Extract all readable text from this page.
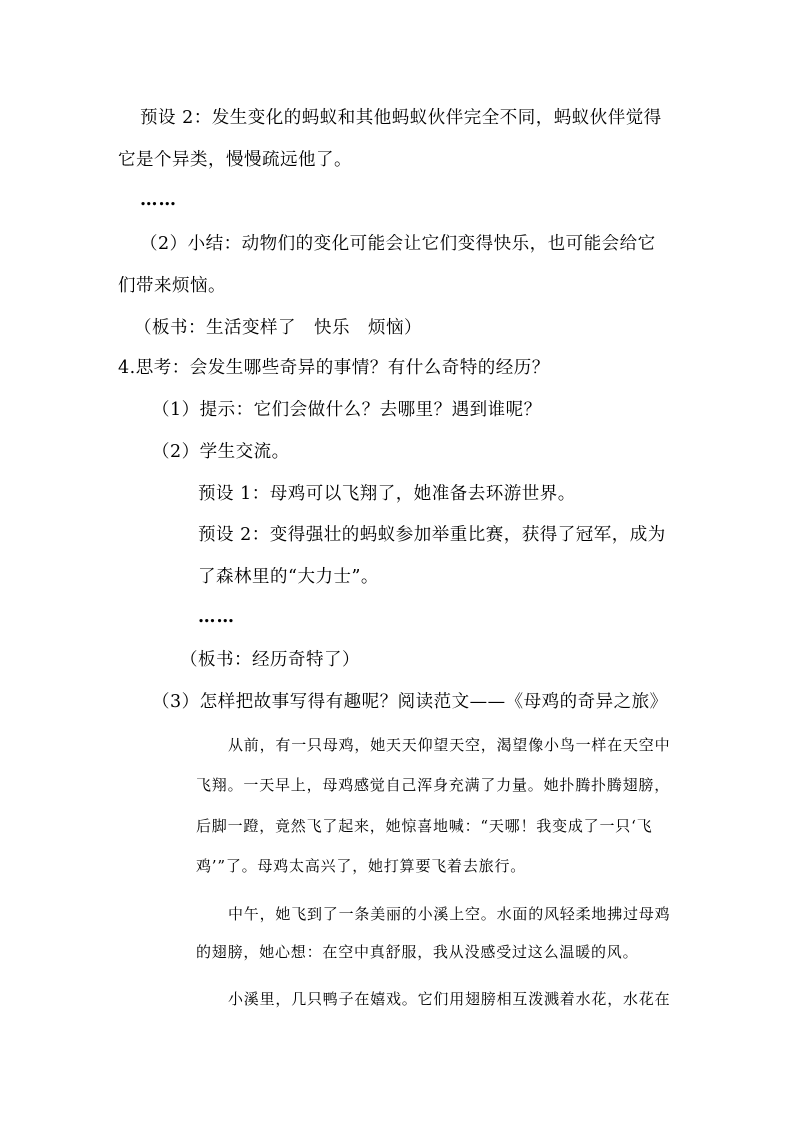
预设 2：发生变化的蚂蚁和其他蚂蚁伙伴完全不同，蚂蚁伙伴觉得
它是个异类，慢慢疏远他了。
……
（2）小结：动物们的变化可能会让它们变得快乐，也可能会给它
们带来烦恼。
（板书：生活变样了　快乐　烦恼）
4.思考：会发生哪些奇异的事情？有什么奇特的经历？
（1）提示：它们会做什么？去哪里？遇到谁呢？
（2）学生交流。
预设 1：母鸡可以飞翔了，她准备去环游世界。
预设 2：变得强壮的蚂蚁参加举重比赛，获得了冠军，成为
了森林里的“大力士”。
……
（板书：经历奇特了）
（3）怎样把故事写得有趣呢？阅读范文——《母鸡的奇异之旅》
从前，有一只母鸡，她天天仰望天空，渴望像小鸟一样在天空中
飞翔。一天早上，母鸡感觉自己浑身充满了力量。她扑腾扑腾翅膀，
后脚一蹬，竟然飞了起来，她惊喜地喊：“天哪！我变成了一只‘飞
鸡’”了。母鸡太高兴了，她打算要飞着去旅行。
中午，她飞到了一条美丽的小溪上空。水面的风轻柔地拂过母鸡
的翅膀，她心想：在空中真舒服，我从没感受过这么温暖的风。
小溪里，几只鸭子在嬉戏。它们用翅膀相互泼溅着水花，水花在
